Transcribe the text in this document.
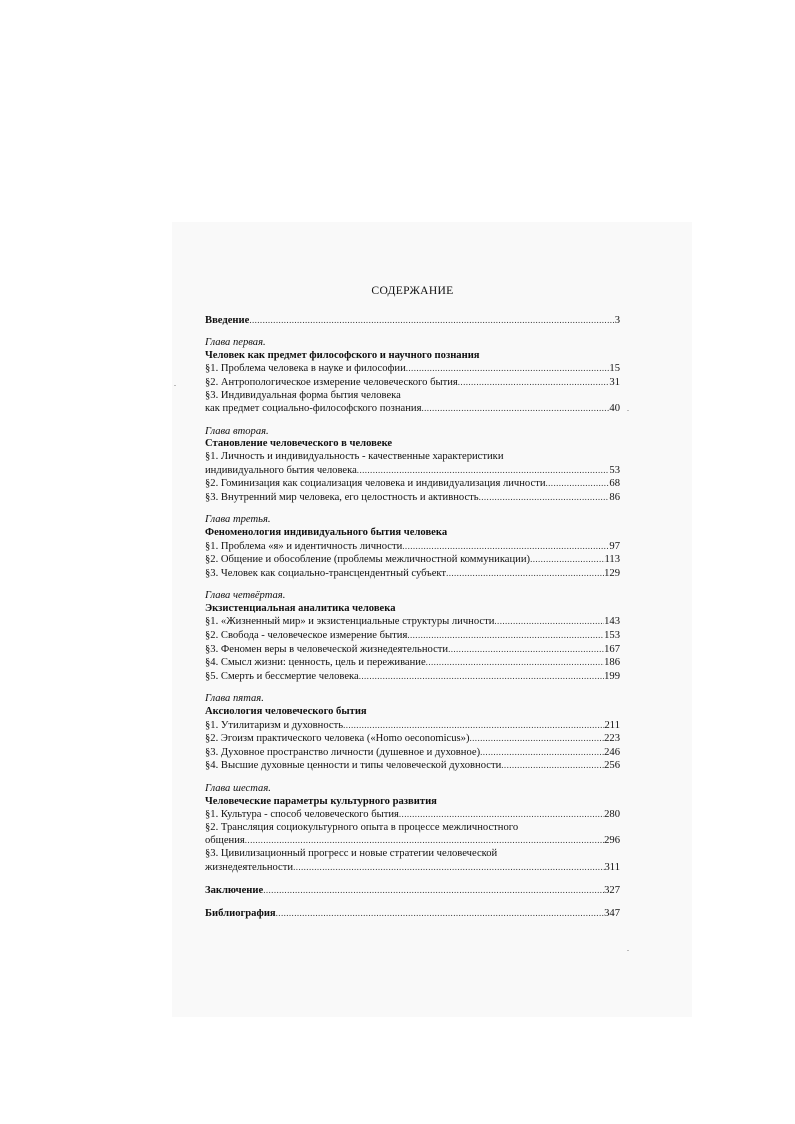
СОДЕРЖАНИЕ
Введение .....	3
Глава первая.
Человек как предмет философского и научного познания
§1. Проблема человека в науке и философии .....	15
§2. Антропологическое измерение человеческого бытия .....	31
§3. Индивидуальная форма бытия человека
как предмет социально-философского познания .....	40
Глава вторая.
Становление человеческого в человеке
§1. Личность и индивидуальность - качественные характеристики
индивидуального бытия человека .....	53
§2. Гоминизация как социализация человека и индивидуализация личности .....	68
§3. Внутренний мир человека, его целостность и активность .....	86
Глава третья.
Феноменология индивидуального бытия человека
§1. Проблема «я» и идентичность личности .....	97
§2. Общение и обособление (проблемы межличностной коммуникации) .....	113
§3. Человек как социально-трансцендентный субъект .....	129
Глава четвёртая.
Экзистенциальная аналитика человека
§1. «Жизненный мир» и экзистенциальные структуры личности .....	143
§2. Свобода - человеческое измерение бытия .....	153
§3. Феномен веры в человеческой жизнедеятельности .....	167
§4. Смысл жизни: ценность, цель и переживание .....	186
§5. Смерть и бессмертие человека .....	199
Глава пятая.
Аксиология человеческого бытия
§1. Утилитаризм и духовность .....	211
§2. Эгоизм практического человека («Homo oeconomicus») .....	223
§3. Духовное пространство личности (душевное и духовное) .....	246
§4. Высшие духовные ценности и типы человеческой духовности .....	256
Глава шестая.
Человеческие параметры культурного развития
§1. Культура - способ человеческого бытия .....	280
§2. Трансляция социокультурного опыта в процессе межличностного
общения .....	296
§3. Цивилизационный прогресс и новые стратегии человеческой
жизнедеятельности .....	311
Заключение .....	327
Библиография .....	347
